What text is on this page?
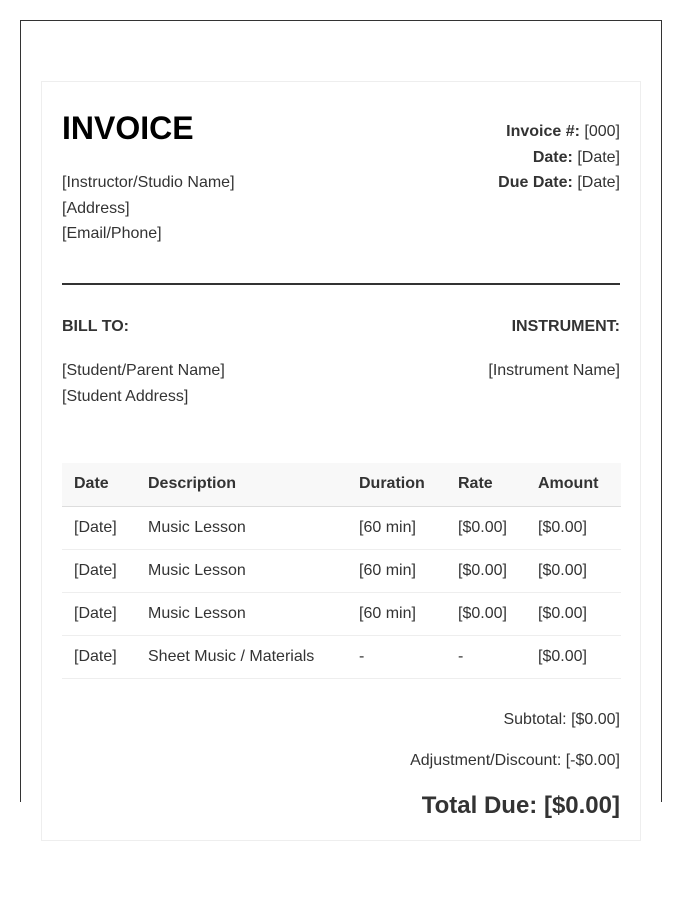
INVOICE
[Instructor/Studio Name]
[Address]
[Email/Phone]
Invoice #: [000]
Date: [Date]
Due Date: [Date]
BILL TO:	INSTRUMENT:
[Student/Parent Name]
[Student Address]
[Instrument Name]
Date	Description	Duration	Rate	Amount
[Date]	Music Lesson	[60 min]	[$0.00]	[$0.00]
[Date]	Music Lesson	[60 min]	[$0.00]	[$0.00]
[Date]	Music Lesson	[60 min]	[$0.00]	[$0.00]
[Date]	Sheet Music / Materials	-	-	[$0.00]
Subtotal: [$0.00]
Adjustment/Discount: [-$0.00]
Total Due: [$0.00]
